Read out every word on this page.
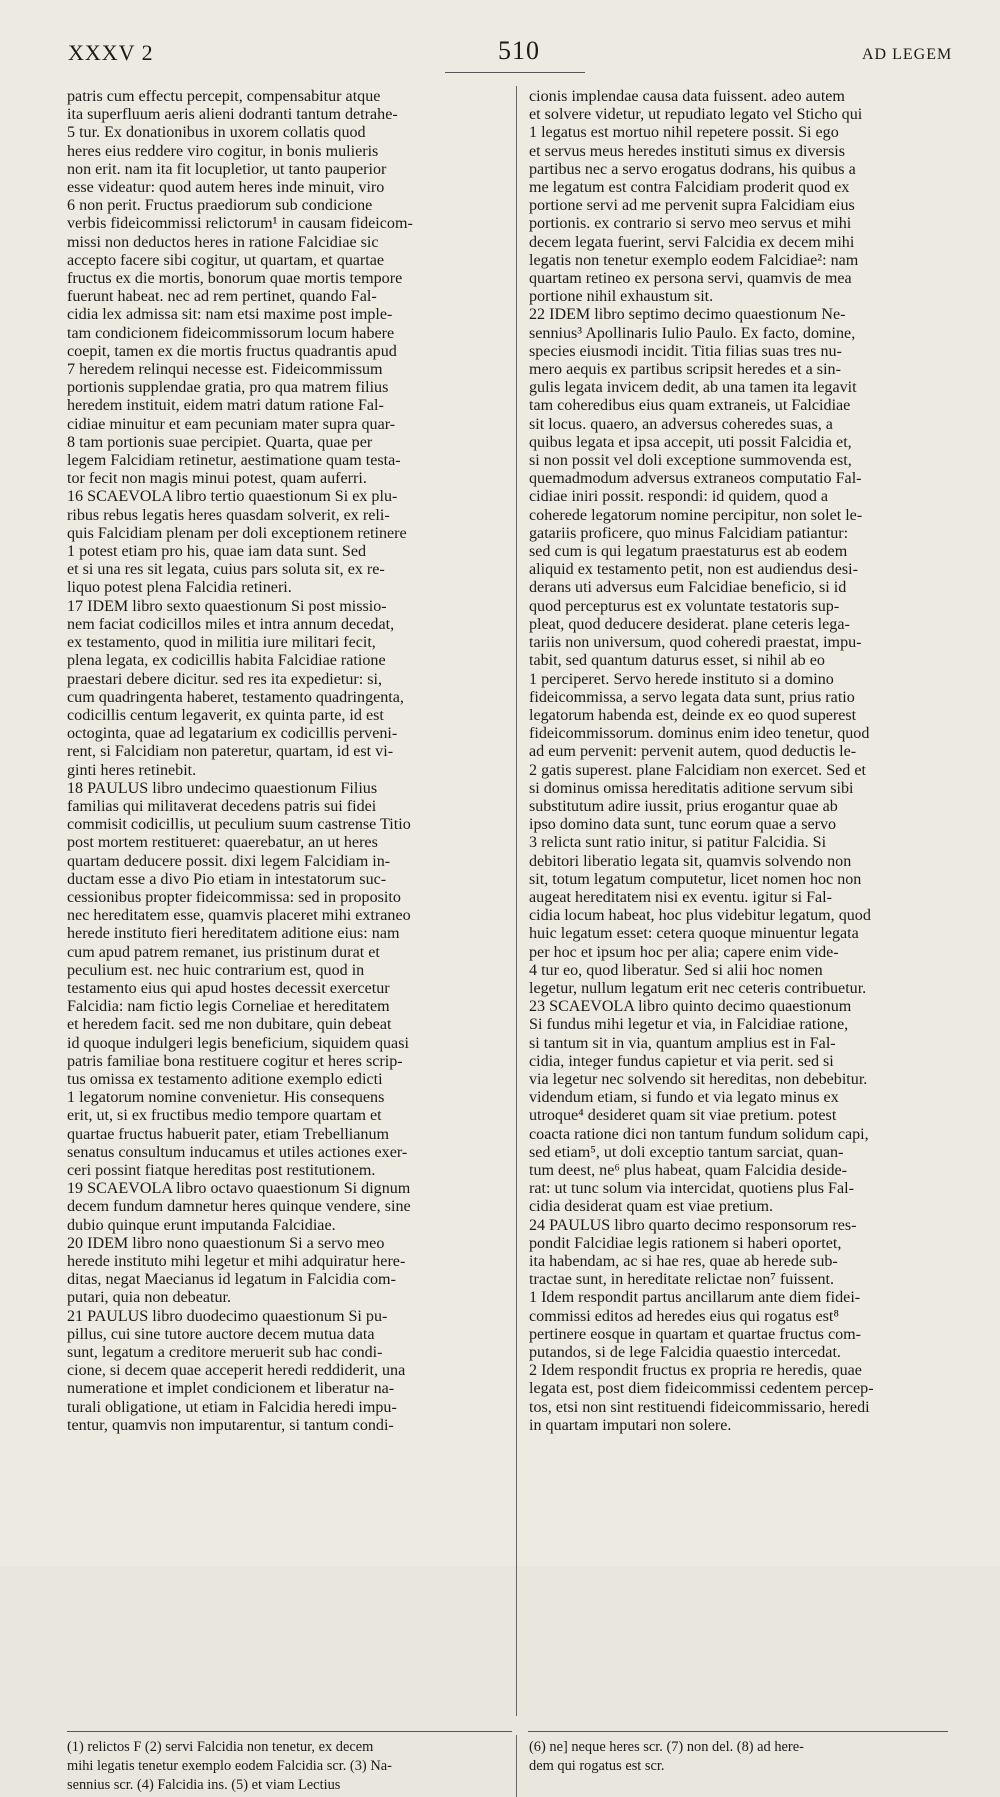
XXXV 2	510	AD LEGEM

patris cum effectu percepit, compensabitur atque

ita superfluum aeris alieni dodranti tantum detrahe-

5 tur. Ex donationibus in uxorem collatis quod

heres eius reddere viro cogitur, in bonis mulieris

non erit. nam ita fit locupletior, ut tanto pauperior

esse videatur: quod autem heres inde minuit, viro

6 non perit. Fructus praediorum sub condicione

verbis fideicommissi relictorum¹ in causam fideicom-

missi non deductos heres in ratione Falcidiae sic

accepto facere sibi cogitur, ut quartam, et quartae

fructus ex die mortis, bonorum quae mortis tempore

fuerunt habeat. nec ad rem pertinet, quando Fal-

cidia lex admissa sit: nam etsi maxime post imple-

tam condicionem fideicommissorum locum habere

coepit, tamen ex die mortis fructus quadrantis apud

7 heredem relinqui necesse est. Fideicommissum

portionis supplendae gratia, pro qua matrem filius

heredem instituit, eidem matri datum ratione Fal-

cidiae minuitur et eam pecuniam mater supra quar-

8 tam portionis suae percipiet. Quarta, quae per

legem Falcidiam retinetur, aestimatione quam testa-

tor fecit non magis minui potest, quam auferri.

16 SCAEVOLA libro tertio quaestionum Si ex plu-

ribus rebus legatis heres quasdam solverit, ex reli-

quis Falcidiam plenam per doli exceptionem retinere

1 potest etiam pro his, quae iam data sunt. Sed

et si una res sit legata, cuius pars soluta sit, ex re-

liquo potest plena Falcidia retineri.

17 IDEM libro sexto quaestionum Si post missio-

nem faciat codicillos miles et intra annum decedat,

ex testamento, quod in militia iure militari fecit,

plena legata, ex codicillis habita Falcidiae ratione

praestari debere dicitur. sed res ita expedietur: si,

cum quadringenta haberet, testamento quadringenta,

codicillis centum legaverit, ex quinta parte, id est

octoginta, quae ad legatarium ex codicillis perveni-

rent, si Falcidiam non pateretur, quartam, id est vi-

ginti heres retinebit.

18 PAULUS libro undecimo quaestionum Filius

familias qui militaverat decedens patris sui fidei

commisit codicillis, ut peculium suum castrense Titio

post mortem restitueret: quaerebatur, an ut heres

quartam deducere possit. dixi legem Falcidiam in-

ductam esse a divo Pio etiam in intestatorum suc-

cessionibus propter fideicommissa: sed in proposito

nec hereditatem esse, quamvis placeret mihi extraneo

herede instituto fieri hereditatem aditione eius: nam

cum apud patrem remanet, ius pristinum durat et

peculium est. nec huic contrarium est, quod in

testamento eius qui apud hostes decessit exercetur

Falcidia: nam fictio legis Corneliae et hereditatem

et heredem facit. sed me non dubitare, quin debeat

id quoque indulgeri legis beneficium, siquidem quasi

patris familiae bona restituere cogitur et heres scrip-

tus omissa ex testamento aditione exemplo edicti

1 legatorum nomine convenietur. His consequens

erit, ut, si ex fructibus medio tempore quartam et

quartae fructus habuerit pater, etiam Trebellianum

senatus consultum inducamus et utiles actiones exer-

ceri possint fiatque hereditas post restitutionem.

19 SCAEVOLA libro octavo quaestionum Si dignum

decem fundum damnetur heres quinque vendere, sine

dubio quinque erunt imputanda Falcidiae.

20 IDEM libro nono quaestionum Si a servo meo

herede instituto mihi legetur et mihi adquiratur here-

ditas, negat Maecianus id legatum in Falcidia com-

putari, quia non debeatur.

21 PAULUS libro duodecimo quaestionum Si pu-

pillus, cui sine tutore auctore decem mutua data

sunt, legatum a creditore meruerit sub hac condi-

cione, si decem quae acceperit heredi reddiderit, una

numeratione et implet condicionem et liberatur na-

turali obligatione, ut etiam in Falcidia heredi impu-

tentur, quamvis non imputarentur, si tantum condi-

cionis implendae causa data fuissent. adeo autem

et solvere videtur, ut repudiato legato vel Sticho qui

1 legatus est mortuo nihil repetere possit. Si ego

et servus meus heredes instituti simus ex diversis

partibus nec a servo erogatus dodrans, his quibus a

me legatum est contra Falcidiam proderit quod ex

portione servi ad me pervenit supra Falcidiam eius

portionis. ex contrario si servo meo servus et mihi

decem legata fuerint, servi Falcidia ex decem mihi

legatis non tenetur exemplo eodem Falcidiae²: nam

quartam retineo ex persona servi, quamvis de mea

portione nihil exhaustum sit.

22 IDEM libro septimo decimo quaestionum Ne-

sennius³ Apollinaris Iulio Paulo. Ex facto, domine,

species eiusmodi incidit. Titia filias suas tres nu-

mero aequis ex partibus scripsit heredes et a sin-

gulis legata invicem dedit, ab una tamen ita legavit

tam coheredibus eius quam extraneis, ut Falcidiae

sit locus. quaero, an adversus coheredes suas, a

quibus legata et ipsa accepit, uti possit Falcidia et,

si non possit vel doli exceptione summovenda est,

quemadmodum adversus extraneos computatio Fal-

cidiae iniri possit. respondi: id quidem, quod a

coherede legatorum nomine percipitur, non solet le-

gatariis proficere, quo minus Falcidiam patiantur:

sed cum is qui legatum praestaturus est ab eodem

aliquid ex testamento petit, non est audiendus desi-

derans uti adversus eum Falcidiae beneficio, si id

quod percepturus est ex voluntate testatoris sup-

pleat, quod deducere desiderat. plane ceteris lega-

tariis non universum, quod coheredi praestat, impu-

tabit, sed quantum daturus esset, si nihil ab eo

1 perciperet. Servo herede instituto si a domino

fideicommissa, a servo legata data sunt, prius ratio

legatorum habenda est, deinde ex eo quod superest

fideicommissorum. dominus enim ideo tenetur, quod

ad eum pervenit: pervenit autem, quod deductis le-

2 gatis superest. plane Falcidiam non exercet. Sed et

si dominus omissa hereditatis aditione servum sibi

substitutum adire iussit, prius erogantur quae ab

ipso domino data sunt, tunc eorum quae a servo

3 relicta sunt ratio initur, si patitur Falcidia. Si

debitori liberatio legata sit, quamvis solvendo non

sit, totum legatum computetur, licet nomen hoc non

augeat hereditatem nisi ex eventu. igitur si Fal-

cidia locum habeat, hoc plus videbitur legatum, quod

huic legatum esset: cetera quoque minuentur legata

per hoc et ipsum hoc per alia; capere enim vide-

4 tur eo, quod liberatur. Sed si alii hoc nomen

legetur, nullum legatum erit nec ceteris contribuetur.

23 SCAEVOLA libro quinto decimo quaestionum

Si fundus mihi legetur et via, in Falcidiae ratione,

si tantum sit in via, quantum amplius est in Fal-

cidia, integer fundus capietur et via perit. sed si

via legetur nec solvendo sit hereditas, non debebitur.

videndum etiam, si fundo et via legato minus ex

utroque⁴ desideret quam sit viae pretium. potest

coacta ratione dici non tantum fundum solidum capi,

sed etiam⁵, ut doli exceptio tantum sarciat, quan-

tum deest, ne⁶ plus habeat, quam Falcidia deside-

rat: ut tunc solum via intercidat, quotiens plus Fal-

cidia desiderat quam est viae pretium.

24 PAULUS libro quarto decimo responsorum res-

pondit Falcidiae legis rationem si haberi oportet,

ita habendam, ac si hae res, quae ab herede sub-

tractae sunt, in hereditate relictae non⁷ fuissent.

1 Idem respondit partus ancillarum ante diem fidei-

commissi editos ad heredes eius qui rogatus est⁸

pertinere eosque in quartam et quartae fructus com-

putandos, si de lege Falcidia quaestio intercedat.

2 Idem respondit fructus ex propria re heredis, quae

legata est, post diem fideicommissi cedentem percep-

tos, etsi non sint restituendi fideicommissario, heredi

in quartam imputari non solere.

(1) relictos F (2) servi Falcidia non tenetur, ex decem

mihi legatis tenetur exemplo eodem Falcidia scr. (3) Na-

sennius scr. (4) Falcidia ins. (5) et viam Lectius

(6) ne] neque heres scr. (7) non del. (8) ad here-

dem qui rogatus est scr.
